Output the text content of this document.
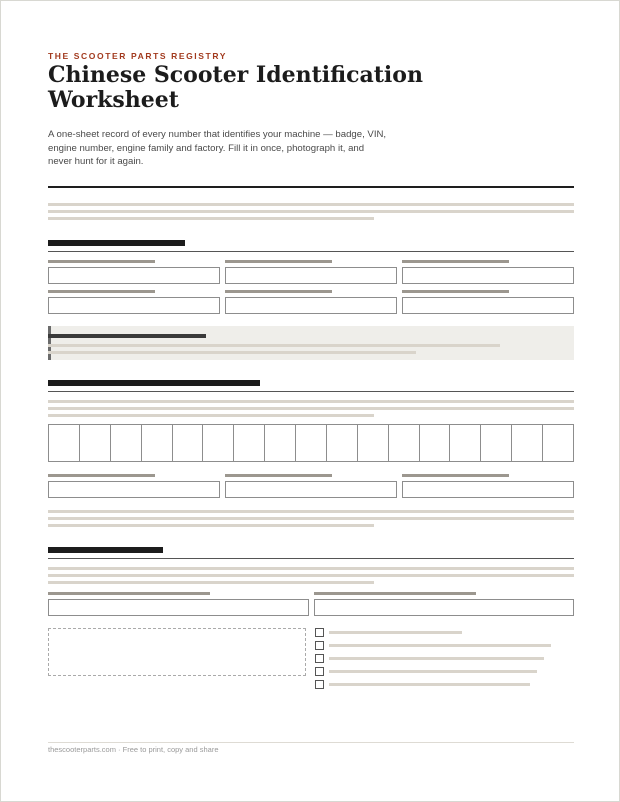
THE SCOOTER PARTS REGISTRY
Chinese Scooter Identification Worksheet
A one-sheet record of every number that identifies your machine — badge, VIN, engine number, engine family and factory. Fill it in once, photograph it, and never hunt for it again.
thescooterparts.com · Free to print, copy and share
